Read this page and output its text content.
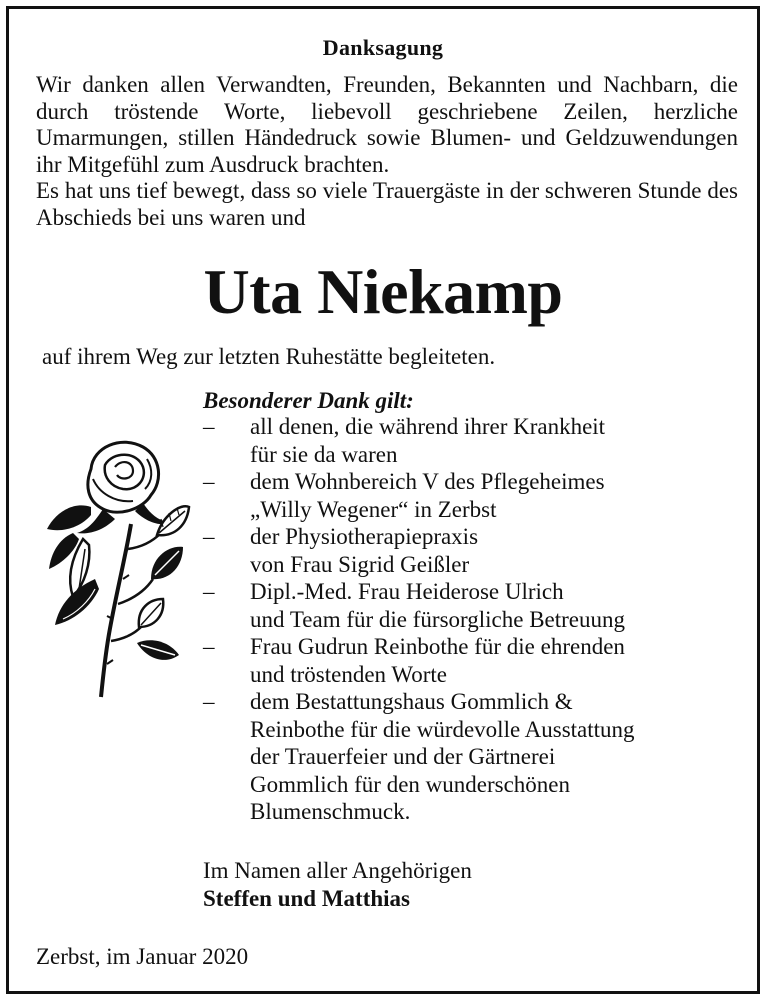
Danksagung

Wir danken allen Verwandten, Freunden, Bekannten und Nachbarn, die durch tröstende Worte, liebevoll geschriebene Zeilen, herzliche Umarmungen, stillen Händedruck sowie Blumen- und Geldzuwendungen ihr Mitgefühl zum Ausdruck brachten.

Es hat uns tief bewegt, dass so viele Trauergäste in der schweren Stunde des Abschieds bei uns waren und

Uta Niekamp
auf ihrem Weg zur letzten Ruhestätte begleiteten.
Besonderer Dank gilt:
– all denen, die während ihrer Krankheit
für sie da waren
– dem Wohnbereich V des Pflegeheimes
„Willy Wegener“ in Zerbst
– der Physiotherapiepraxis
von Frau Sigrid Geißler
– Dipl.-Med. Frau Heiderose Ulrich
und Team für die fürsorgliche Betreuung
– Frau Gudrun Reinbothe für die ehrenden
und tröstenden Worte
– dem Bestattungshaus Gommlich &
Reinbothe für die würdevolle Ausstattung
der Trauerfeier und der Gärtnerei
Gommlich für den wunderschönen
Blumenschmuck.
Im Namen aller Angehörigen
Steffen und Matthias
Zerbst, im Januar 2020
